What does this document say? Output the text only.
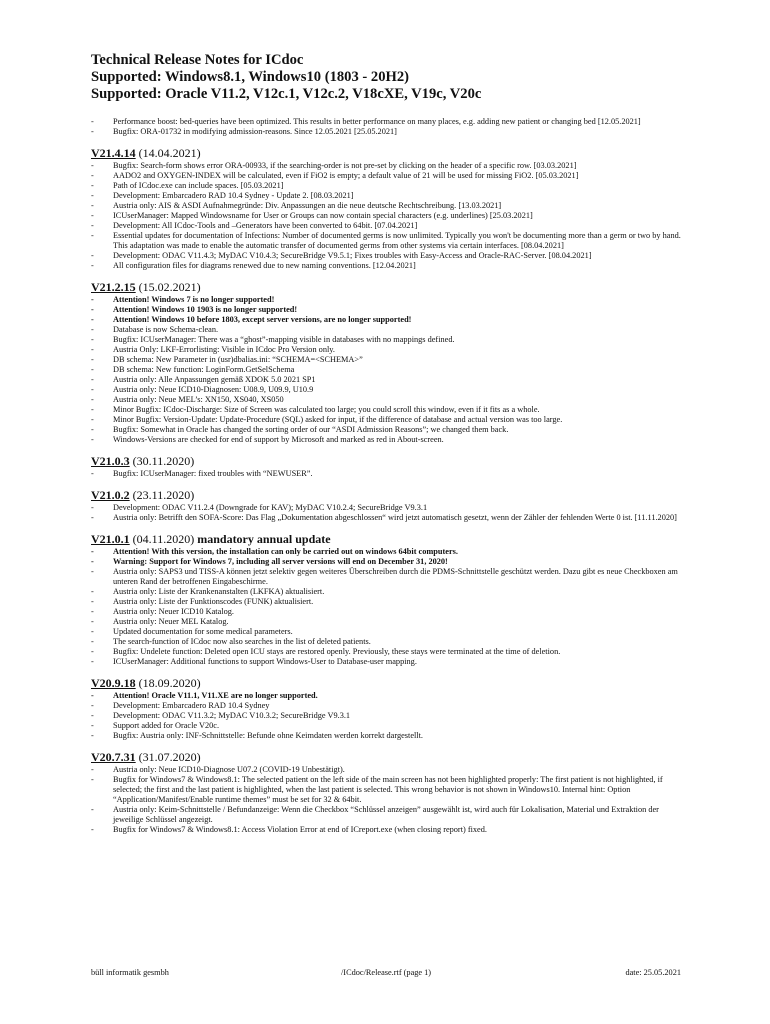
Technical Release Notes for ICdoc
Supported: Windows8.1, Windows10 (1803 - 20H2)
Supported: Oracle V11.2, V12c.1, V12c.2, V18cXE, V19c, V20c
- Performance boost: bed-queries have been optimized. This results in better performance on many places, e.g. adding new patient or changing bed [12.05.2021]
- Bugfix: ORA-01732 in modifying admission-reasons. Since 12.05.2021 [25.05.2021]
V21.4.14 (14.04.2021)
- Bugfix: Search-form shows error ORA-00933, if the searching-order is not pre-set by clicking on the header of a specific row. [03.03.2021]
- AADO2 and OXYGEN-INDEX will be calculated, even if FiO2 is empty; a default value of 21 will be used for missing FiO2. [05.03.2021]
- Path of ICdoc.exe can include spaces. [05.03.2021]
- Development: Embarcadero RAD 10.4 Sydney - Update 2. [08.03.2021]
- Austria only: AIS & ASDI Aufnahmegründe: Div. Anpassungen an die neue deutsche Rechtschreibung. [13.03.2021]
- ICUserManager: Mapped Windowsname for User or Groups can now contain special characters (e.g. underlines) [25.03.2021]
- Development: All ICdoc-Tools and –Generators have been converted to 64bit. [07.04.2021]
- Essential updates for documentation of Infections: Number of documented germs is now unlimited. Typically you won't be documenting more than a germ or two by hand. This adaptation was made to enable the automatic transfer of documented germs from other systems via certain interfaces. [08.04.2021]
- Development: ODAC V11.4.3; MyDAC V10.4.3; SecureBridge V9.5.1; Fixes troubles with Easy-Access and Oracle-RAC-Server. [08.04.2021]
- All configuration files for diagrams renewed due to new naming conventions. [12.04.2021]
V21.2.15 (15.02.2021)
- Attention! Windows 7 is no longer supported!
- Attention! Windows 10 1903 is no longer supported!
- Attention! Windows 10 before 1803, except server versions, are no longer supported!
- Database is now Schema-clean.
- Bugfix: ICUserManager: There was a “ghost”-mapping visible in databases with no mappings defined.
- Austria Only: LKF-Errorlisting: Visible in ICdoc Pro Version only.
- DB schema: New Parameter in (usr)dbalias.ini: “SCHEMA=<SCHEMA>”
- DB schema: New function: LoginForm.GetSelSchema
- Austria only: Alle Anpassungen gemäß XDOK 5.0 2021 SP1
- Austria only: Neue ICD10-Diagnosen: U08.9, U09.9, U10.9
- Austria only: Neue MEL’s: XN150, XS040, XS050
- Minor Bugfix: ICdoc-Discharge: Size of Screen was calculated too large; you could scroll this window, even if it fits as a whole.
- Minor Bugfix: Version-Update: Update-Procedure (SQL) asked for input, if the difference of database and actual version was too large.
- Bugfix: Somewhat in Oracle has changed the sorting order of our “ASDI Admission Reasons”; we changed them back.
- Windows-Versions are checked for end of support by Microsoft and marked as red in About-screen.
V21.0.3 (30.11.2020)
- Bugfix: ICUserManager: fixed troubles with “NEWUSER”.
V21.0.2 (23.11.2020)
- Development: ODAC V11.2.4 (Downgrade for KAV); MyDAC V10.2.4; SecureBridge V9.3.1
- Austria only: Betrifft den SOFA-Score: Das Flag „Dokumentation abgeschlossen“ wird jetzt automatisch gesetzt, wenn der Zähler der fehlenden Werte 0 ist. [11.11.2020]
V21.0.1 (04.11.2020) mandatory annual update
- Attention! With this version, the installation can only be carried out on windows 64bit computers.
- Warning: Support for Windows 7, including all server versions will end on December 31, 2020!
- Austria only: SAPS3 und TISS-A können jetzt selektiv gegen weiteres Überschreiben durch die PDMS-Schnittstelle geschützt werden. Dazu gibt es neue Checkboxen am unteren Rand der betroffenen Eingabeschirme.
- Austria only: Liste der Krankenanstalten (LKFKA) aktualisiert.
- Austria only: Liste der Funktionscodes (FUNK) aktualisiert.
- Austria only: Neuer ICD10 Katalog.
- Austria only: Neuer MEL Katalog.
- Updated documentation for some medical parameters.
- The search-function of ICdoc now also searches in the list of deleted patients.
- Bugfix: Undelete function: Deleted open ICU stays are restored openly. Previously, these stays were terminated at the time of deletion.
- ICUserManager: Additional functions to support Windows-User to Database-user mapping.
V20.9.18 (18.09.2020)
- Attention! Oracle V11.1, V11.XE are no longer supported.
- Development: Embarcadero RAD 10.4 Sydney
- Development: ODAC V11.3.2; MyDAC V10.3.2; SecureBridge V9.3.1
- Support added for Oracle V20c.
- Bugfix: Austria only: INF-Schnittstelle: Befunde ohne Keimdaten werden korrekt dargestellt.
V20.7.31 (31.07.2020)
- Austria only: Neue ICD10-Diagnose U07.2 (COVID-19 Unbestätigt).
- Bugfix for Windows7 & Windows8.1: The selected patient on the left side of the main screen has not been highlighted properly: The first patient is not highlighted, if selected; the first and the last patient is highlighted, when the last patient is selected. This wrong behavior is not shown in Windows10. Internal hint: Option “Application/Manifest/Enable runtime themes” must be set for 32 & 64bit.
- Austria only: Keim-Schnittstelle / Befundanzeige: Wenn die Checkbox “Schlüssel anzeigen” ausgewählt ist, wird auch für Lokalisation, Material und Extraktion der jeweilige Schlüssel angezeigt.
- Bugfix for Windows7 & Windows8.1: Access Violation Error at end of ICreport.exe (when closing report) fixed.
büll informatik gesmbh	/ICdoc/Release.rtf (page 1)	date: 25.05.2021
